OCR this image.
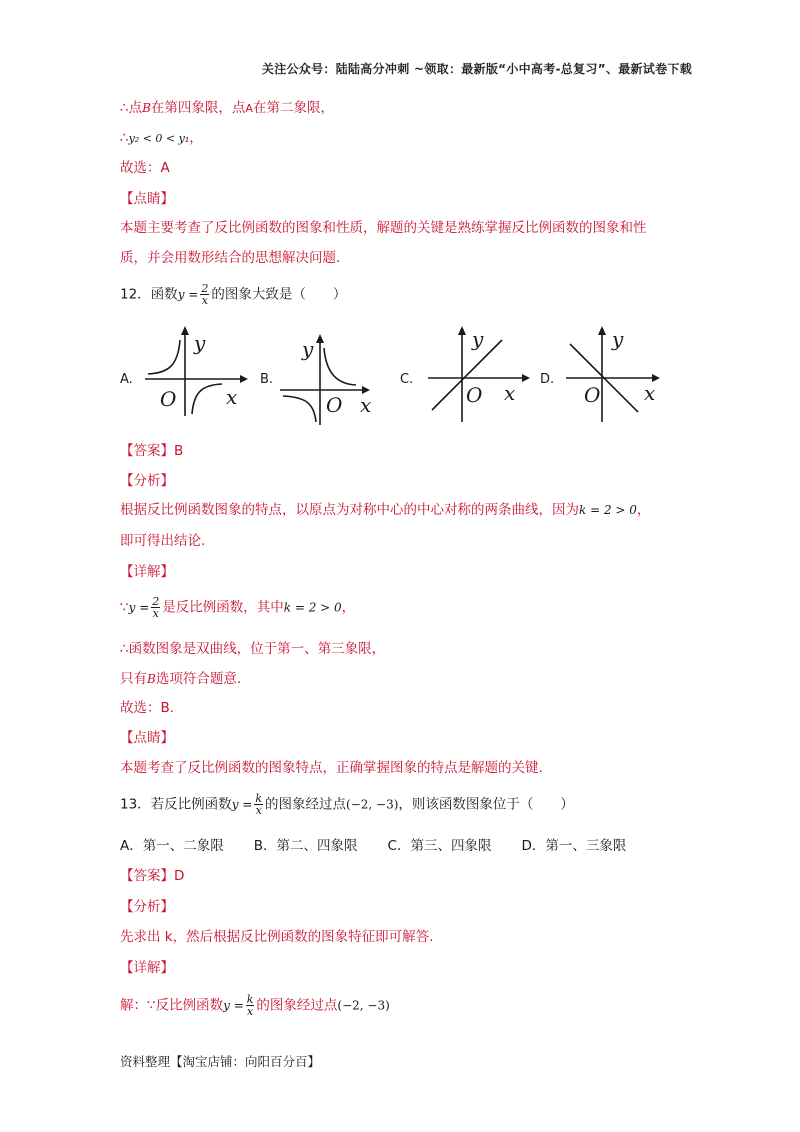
关注公众号：陆陆高分冲刺 ~领取：最新版“小中高考-总复习”、最新试卷下载
∴点B在第四象限，点A在第二象限，
∴y₂ < 0 < y₁，
故选：A
【点睛】
本题主要考查了反比例函数的图象和性质，解题的关键是熟练掌握反比例函数的图象和性
质，并会用数形结合的思想解决问题.
12．函数$y = \frac{2}{x}$ 的图象大致是（　　）
A.
y
O x
B.
y
O x
C.
y
O x
D.
y
O x
【答案】B
【分析】
根据反比例函数图象的特点，以原点为对称中心的中心对称的两条曲线，因为k = 2 > 0，
即可得出结论.
【详解】
∵y = $\frac{2}{x}$ 是反比例函数，其中k = 2 > 0，
∴函数图象是双曲线，位于第一、第三象限，
只有B选项符合题意.
故选：B.
【点睛】
本题考查了反比例函数的图象特点，正确掌握图象的特点是解题的关键.
13．若反比例函数$y = \frac{k}{x}$ 的图象经过点(−2, −3)，则该函数图象位于（　　）
A．第一、二象限 B．第二、四象限 C．第三、四象限 D．第一、三象限
【答案】D
【分析】
先求出 k，然后根据反比例函数的图象特征即可解答.
【详解】
解：∵反比例函数$y = \frac{k}{x}$ 的图象经过点(−2, −3)
资料整理【淘宝店铺：向阳百分百】
